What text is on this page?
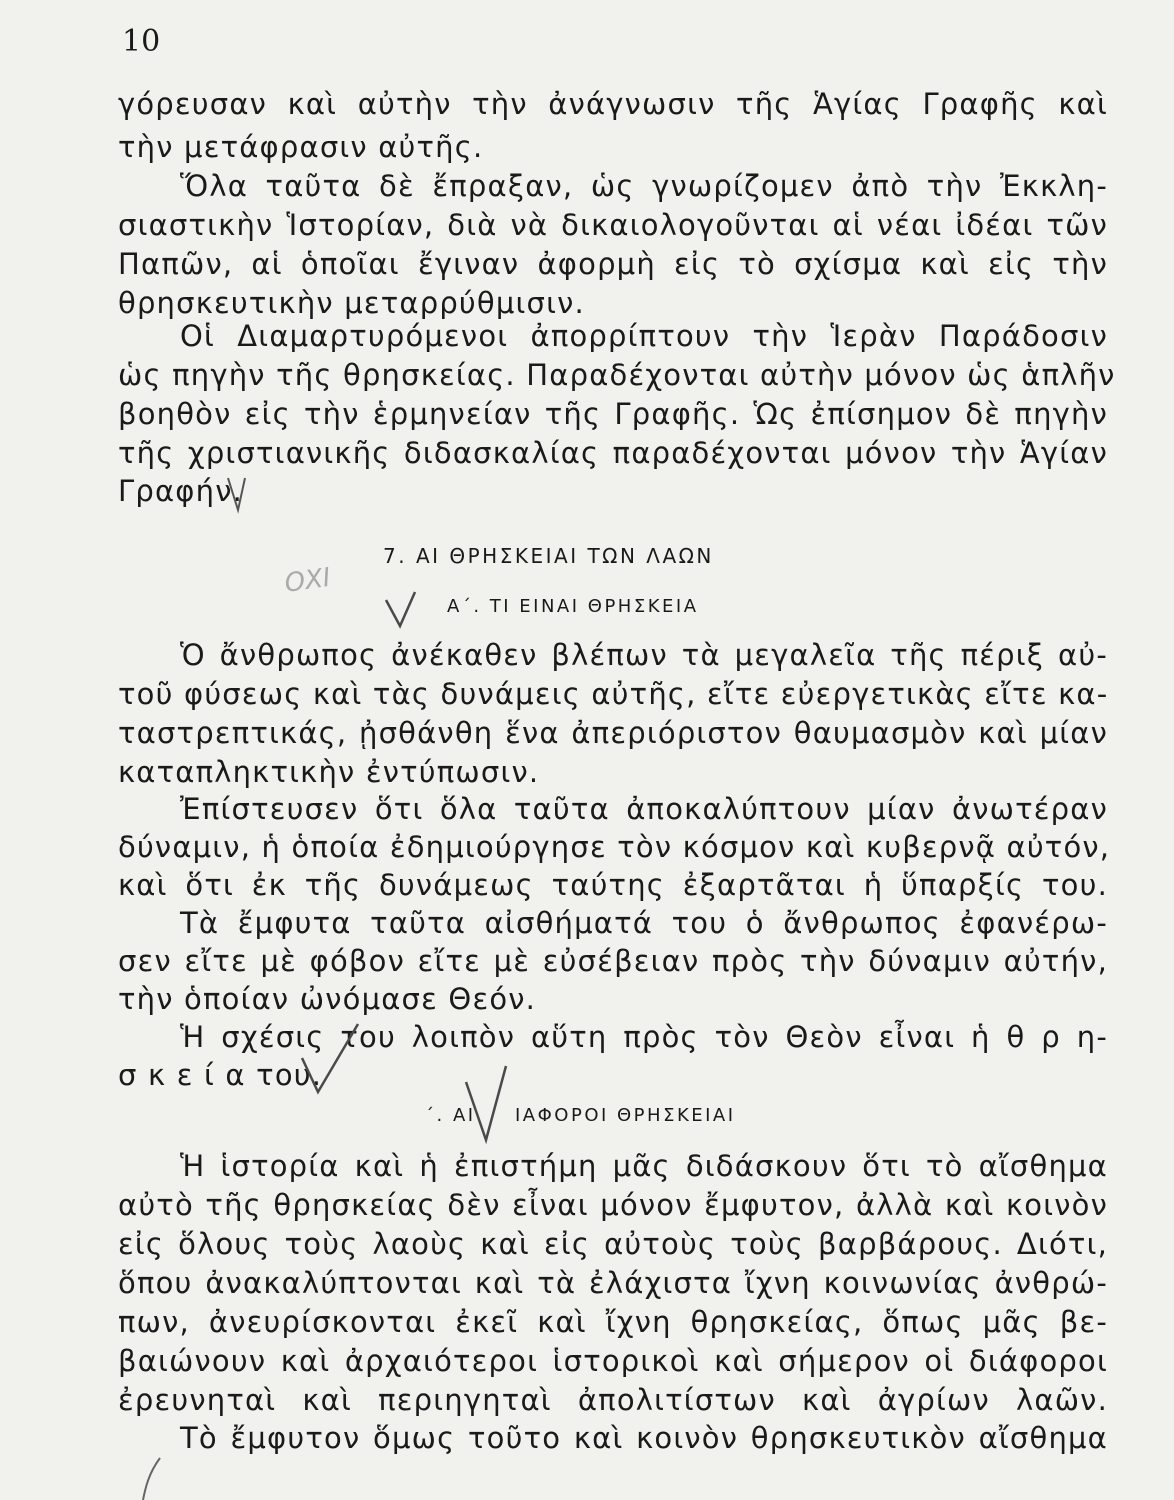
10
γόρευσαν καὶ αὐτὴν τὴν ἀνάγνωσιν τῆς Ἁγίας Γραφῆς καὶ
τὴν μετάφρασιν αὐτῆς.
Ὅλα ταῦτα δὲ ἔπραξαν, ὡς γνωρίζομεν ἀπὸ τὴν Ἐκκλη-
σιαστικὴν Ἱστορίαν, διὰ νὰ δικαιολογοῦνται αἱ νέαι ἰδέαι τῶν
Παπῶν, αἱ ὁποῖαι ἔγιναν ἀφορμὴ εἰς τὸ σχίσμα καὶ εἰς τὴν
θρησκευτικὴν μεταρρύθμισιν.
Οἱ Διαμαρτυρόμενοι ἀπορρίπτουν τὴν Ἱερὰν Παράδοσιν
ὡς πηγὴν τῆς θρησκείας. Παραδέχονται αὐτὴν μόνον ὡς ἁπλῆν
βοηθὸν εἰς τὴν ἑρμηνείαν τῆς Γραφῆς. Ὡς ἐπίσημον δὲ πηγὴν
τῆς χριστιανικῆς διδασκαλίας παραδέχονται μόνον τὴν Ἁγίαν
Γραφήν.
7. ΑΙ ΘΡΗΣΚΕΙΑΙ ΤΩΝ ΛΑΩΝ
Α΄. ΤΙ ΕΙΝΑΙ ΘΡΗΣΚΕΙΑ
Ὁ ἄνθρωπος ἀνέκαθεν βλέπων τὰ μεγαλεῖα τῆς πέριξ αὐ-
τοῦ φύσεως καὶ τὰς δυνάμεις αὐτῆς, εἴτε εὐεργετικὰς εἴτε κα-
ταστρεπτικάς, ᾐσθάνθη ἕνα ἀπεριόριστον θαυμασμὸν καὶ μίαν
καταπληκτικὴν ἐντύπωσιν.
Ἐπίστευσεν ὅτι ὅλα ταῦτα ἀποκαλύπτουν μίαν ἀνωτέραν
δύναμιν, ἡ ὁποία ἐδημιούργησε τὸν κόσμον καὶ κυβερνᾷ αὐτόν,
καὶ ὅτι ἐκ τῆς δυνάμεως ταύτης ἐξαρτᾶται ἡ ὕπαρξίς του.
Τὰ ἔμφυτα ταῦτα αἰσθήματά του ὁ ἄνθρωπος ἐφανέρω-
σεν εἴτε μὲ φόβον εἴτε μὲ εὐσέβειαν πρὸς τὴν δύναμιν αὐτήν,
τὴν ὁποίαν ὠνόμασε Θεόν.
Ἡ σχέσις του λοιπὸν αὕτη πρὸς τὸν Θεὸν εἶναι ἡ θ ρ η-
σ κ ε ί α του.
΄. ΑΙ ΙΑΦΟΡΟΙ ΘΡΗΣΚΕΙΑΙ
Ἡ ἱστορία καὶ ἡ ἐπιστήμη μᾶς διδάσκουν ὅτι τὸ αἴσθημα
αὐτὸ τῆς θρησκείας δὲν εἶναι μόνον ἔμφυτον, ἀλλὰ καὶ κοινὸν
εἰς ὅλους τοὺς λαοὺς καὶ εἰς αὐτοὺς τοὺς βαρβάρους. Διότι,
ὅπου ἀνακαλύπτονται καὶ τὰ ἐλάχιστα ἴχνη κοινωνίας ἀνθρώ-
πων, ἀνευρίσκονται ἐκεῖ καὶ ἴχνη θρησκείας, ὅπως μᾶς βε-
βαιώνουν καὶ ἀρχαιότεροι ἱστορικοὶ καὶ σήμερον οἱ διάφοροι
ἐρευνηταὶ καὶ περιηγηταὶ ἀπολιτίστων καὶ ἀγρίων λαῶν.
Τὸ ἔμφυτον ὅμως τοῦτο καὶ κοινὸν θρησκευτικὸν αἴσθημα
ΟΧΙ
